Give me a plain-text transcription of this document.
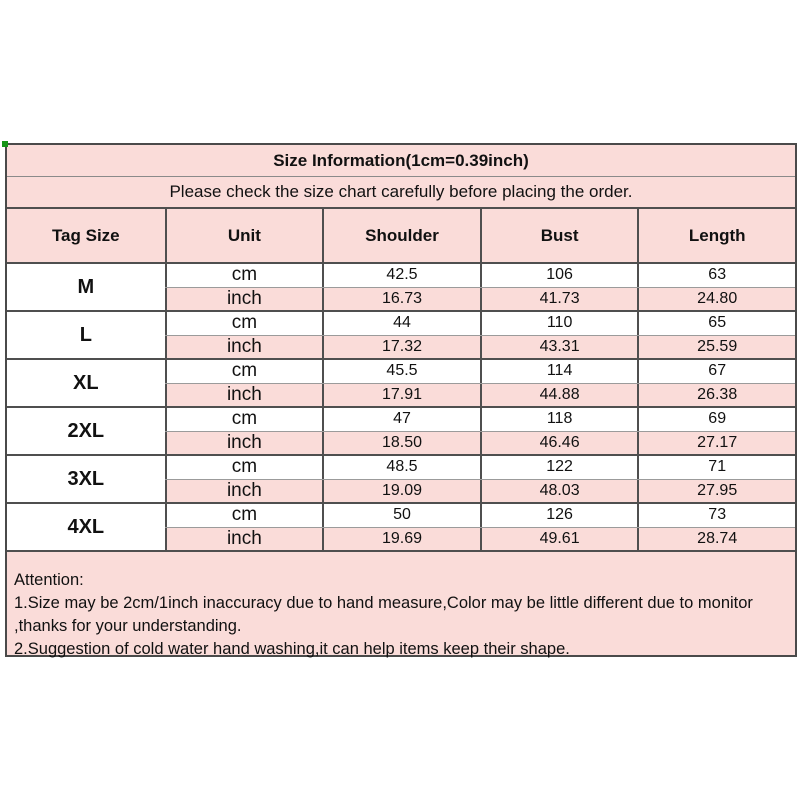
Size Information(1cm=0.39inch)
Please check the size chart carefully before placing the order.
Tag Size	Unit	Shoulder	Bust	Length
M
cm	42.5	106	63
inch	16.73	41.73	24.80
L
cm	44	110	65
inch	17.32	43.31	25.59
XL
cm	45.5	114	67
inch	17.91	44.88	26.38
2XL
cm	47	118	69
inch	18.50	46.46	27.17
3XL
cm	48.5	122	71
inch	19.09	48.03	27.95
4XL
cm	50	126	73
inch	19.69	49.61	28.74
Attention:
1.Size may be 2cm/1inch inaccuracy due to hand measure,Color may be little different due to monitor
,thanks for your understanding.
2.Suggestion of cold water hand washing,it can help items keep their shape.
